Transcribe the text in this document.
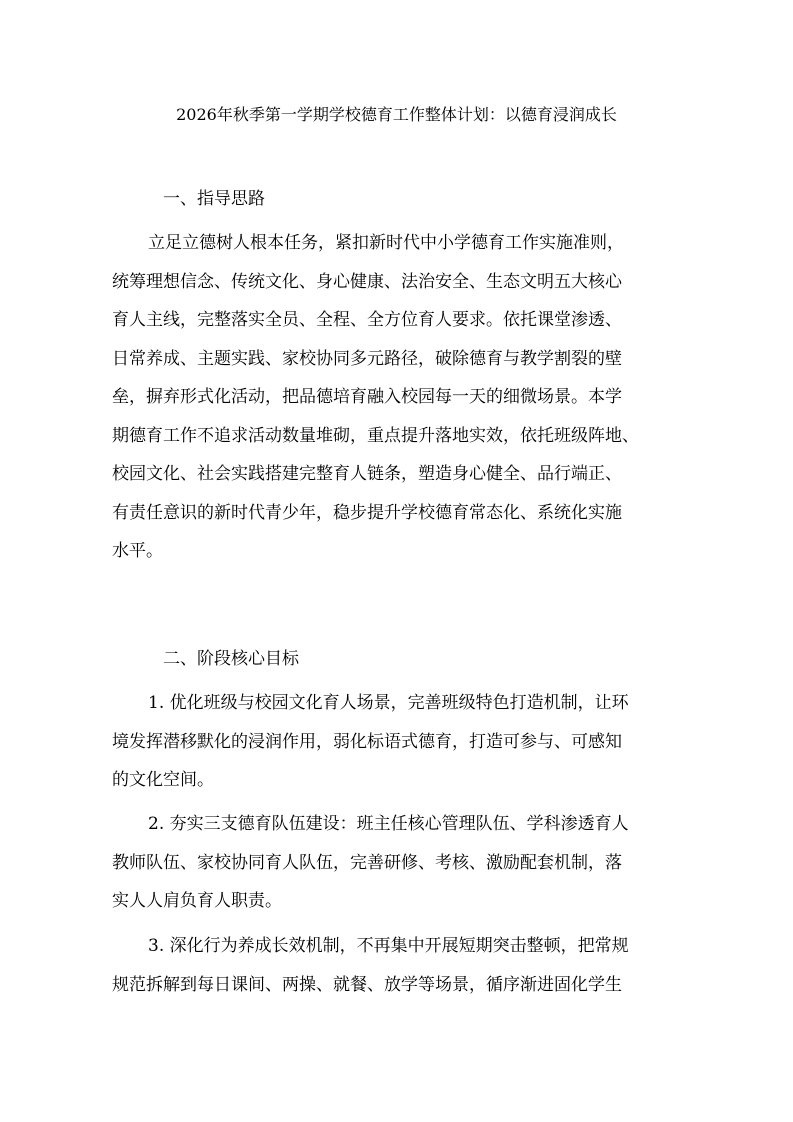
2026年秋季第一学期学校德育工作整体计划：以德育浸润成长
一、指导思路
立足立德树人根本任务，紧扣新时代中小学德育工作实施准则，
统筹理想信念、传统文化、身心健康、法治安全、生态文明五大核心
育人主线，完整落实全员、全程、全方位育人要求。依托课堂渗透、
日常养成、主题实践、家校协同多元路径，破除德育与教学割裂的壁
垒，摒弃形式化活动，把品德培育融入校园每一天的细微场景。本学
期德育工作不追求活动数量堆砌，重点提升落地实效，依托班级阵地、
校园文化、社会实践搭建完整育人链条，塑造身心健全、品行端正、
有责任意识的新时代青少年，稳步提升学校德育常态化、系统化实施
水平。
二、阶段核心目标
1. 优化班级与校园文化育人场景，完善班级特色打造机制，让环
境发挥潜移默化的浸润作用，弱化标语式德育，打造可参与、可感知
的文化空间。
2. 夯实三支德育队伍建设：班主任核心管理队伍、学科渗透育人
教师队伍、家校协同育人队伍，完善研修、考核、激励配套机制，落
实人人肩负育人职责。
3. 深化行为养成长效机制，不再集中开展短期突击整顿，把常规
规范拆解到每日课间、两操、就餐、放学等场景，循序渐进固化学生
